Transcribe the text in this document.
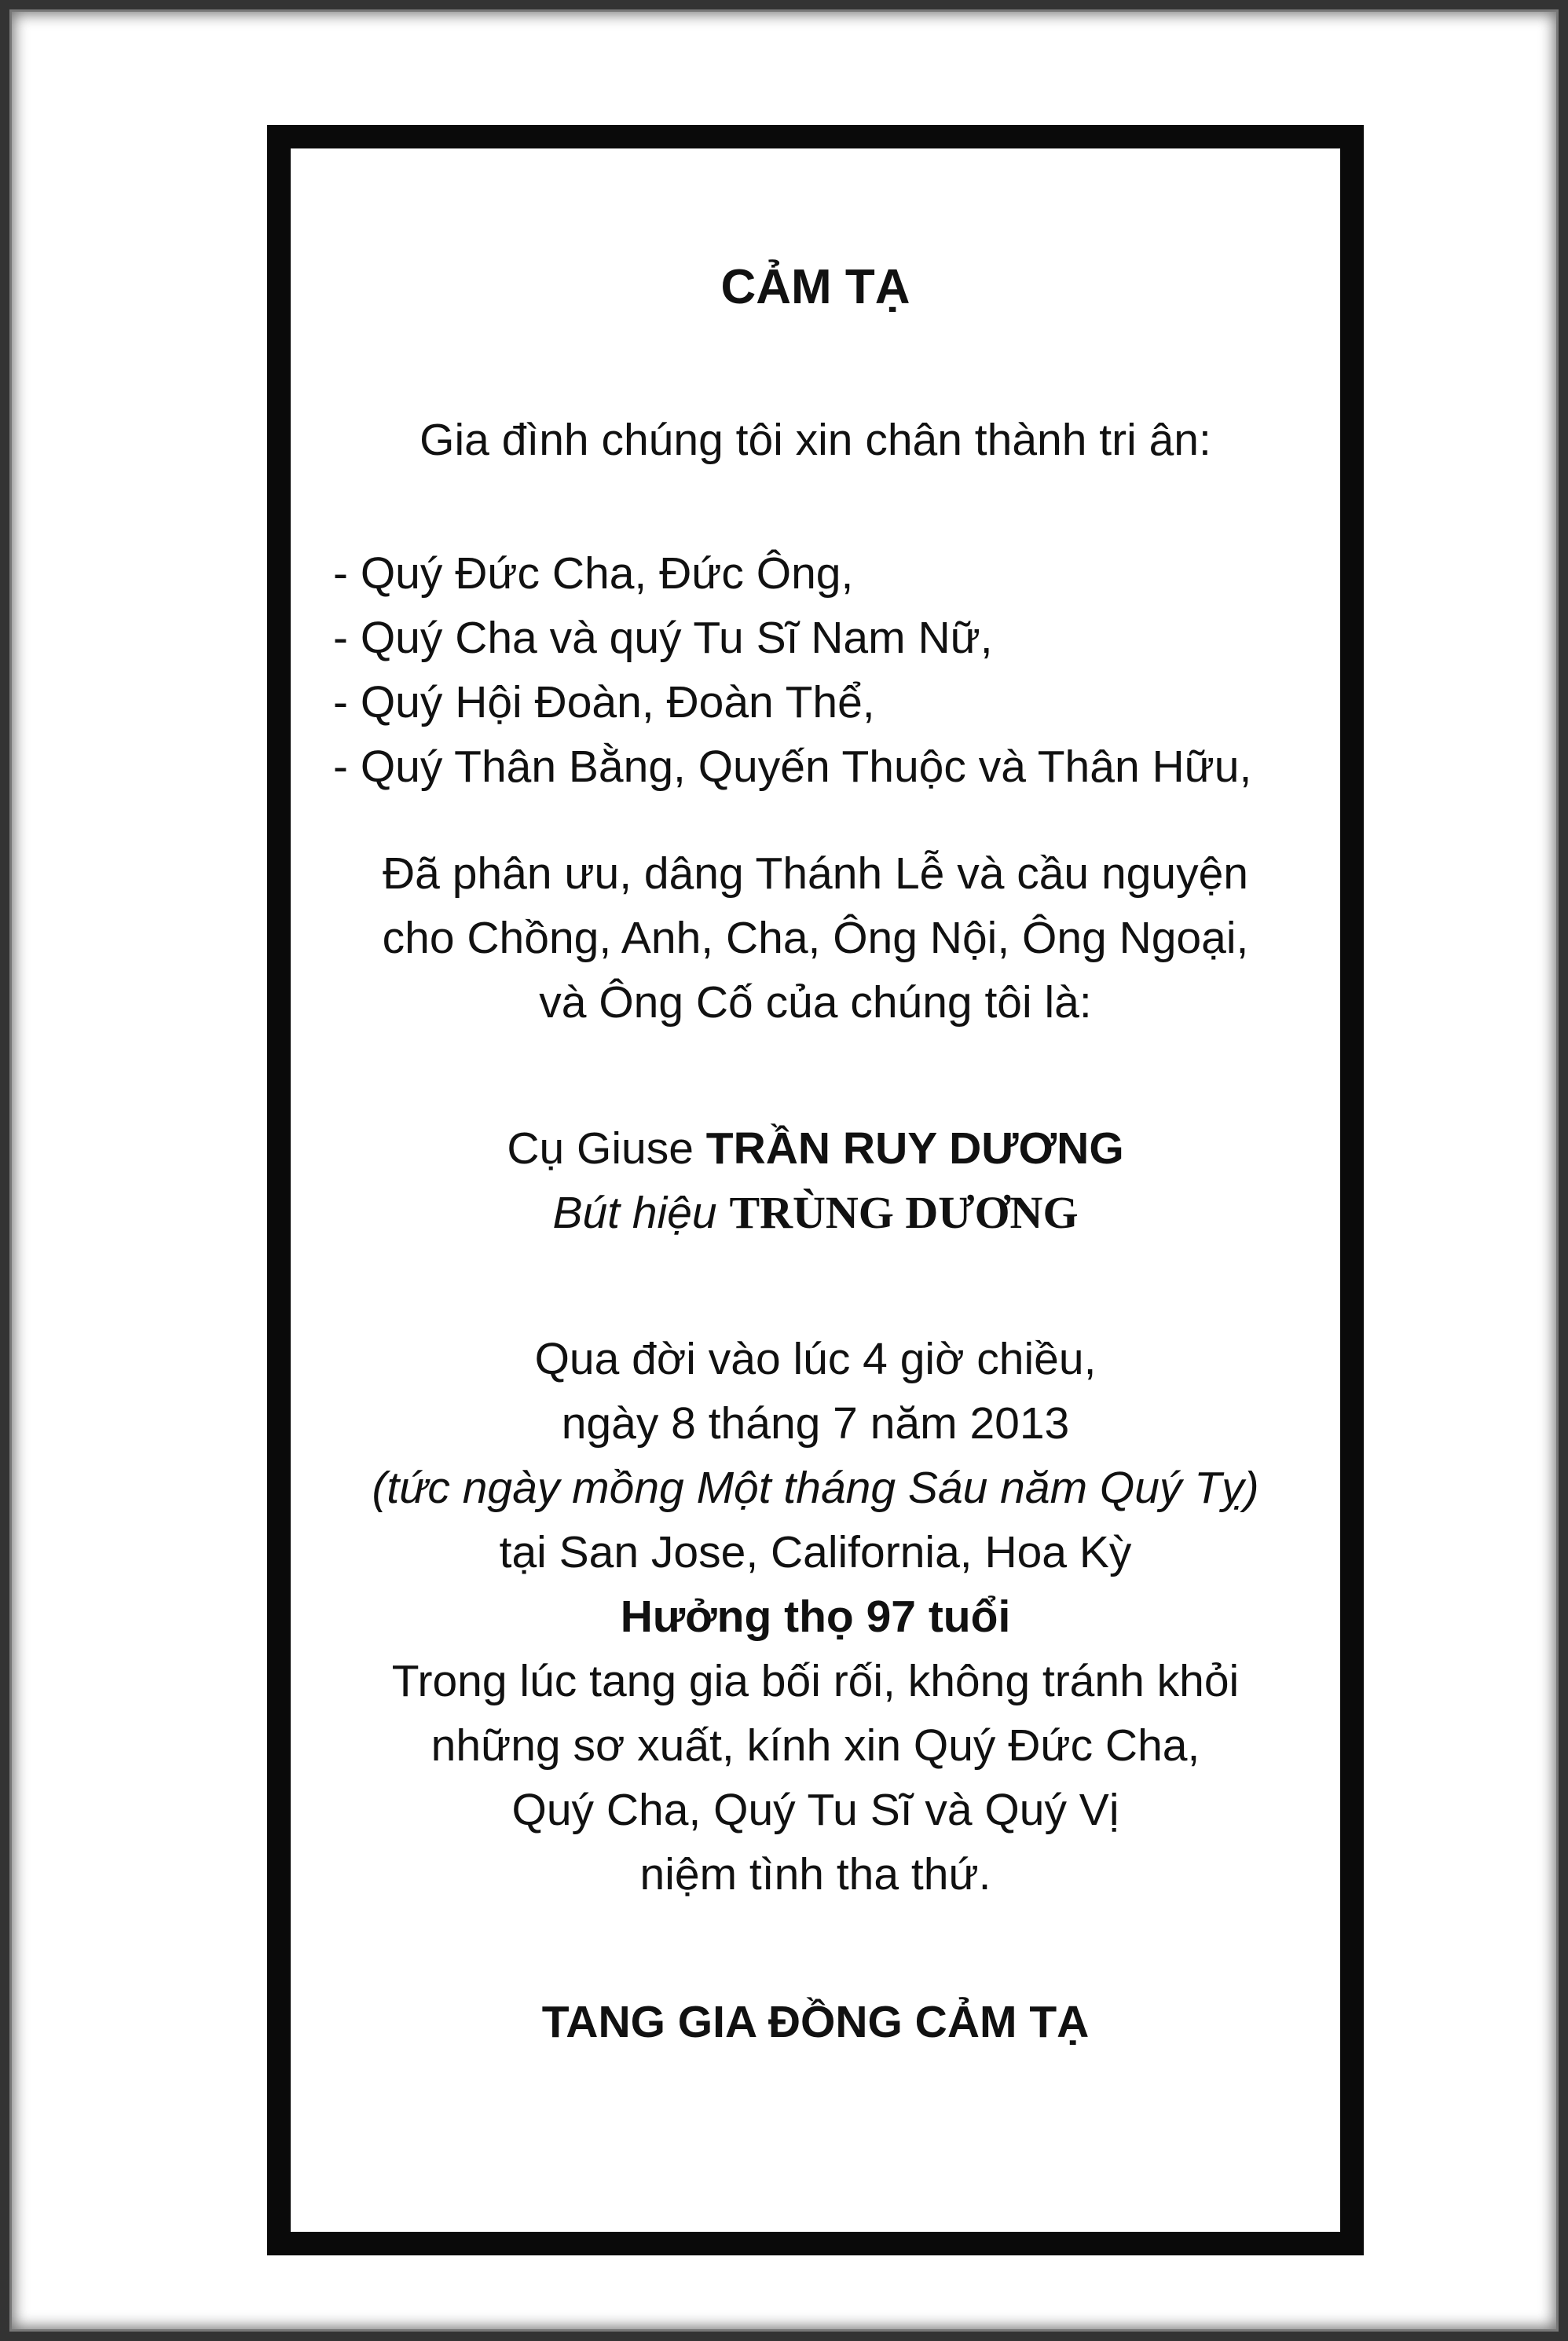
CẢM TẠ
Gia đình chúng tôi xin chân thành tri ân:
- Quý Đức Cha, Đức Ông,
- Quý Cha và quý Tu Sĩ Nam Nữ,
- Quý Hội Đoàn, Đoàn Thể,
- Quý Thân Bằng, Quyến Thuộc và Thân Hữu,
Đã phân ưu, dâng Thánh Lễ và cầu nguyện
cho Chồng, Anh, Cha, Ông Nội, Ông Ngoại,
và Ông Cố của chúng tôi là:
Cụ Giuse TRẦN RUY DƯƠNG
Bút hiệu TRÙNG DƯƠNG
Qua đời vào lúc 4 giờ chiều,
ngày 8 tháng 7 năm 2013
(tức ngày mồng Một tháng Sáu năm Quý Tỵ)
tại San Jose, California, Hoa Kỳ
Hưởng thọ 97 tuổi
Trong lúc tang gia bối rối, không tránh khỏi
những sơ xuất, kính xin Quý Đức Cha,
Quý Cha, Quý Tu Sĩ và Quý Vị
niệm tình tha thứ.
TANG GIA ĐỒNG CẢM TẠ
